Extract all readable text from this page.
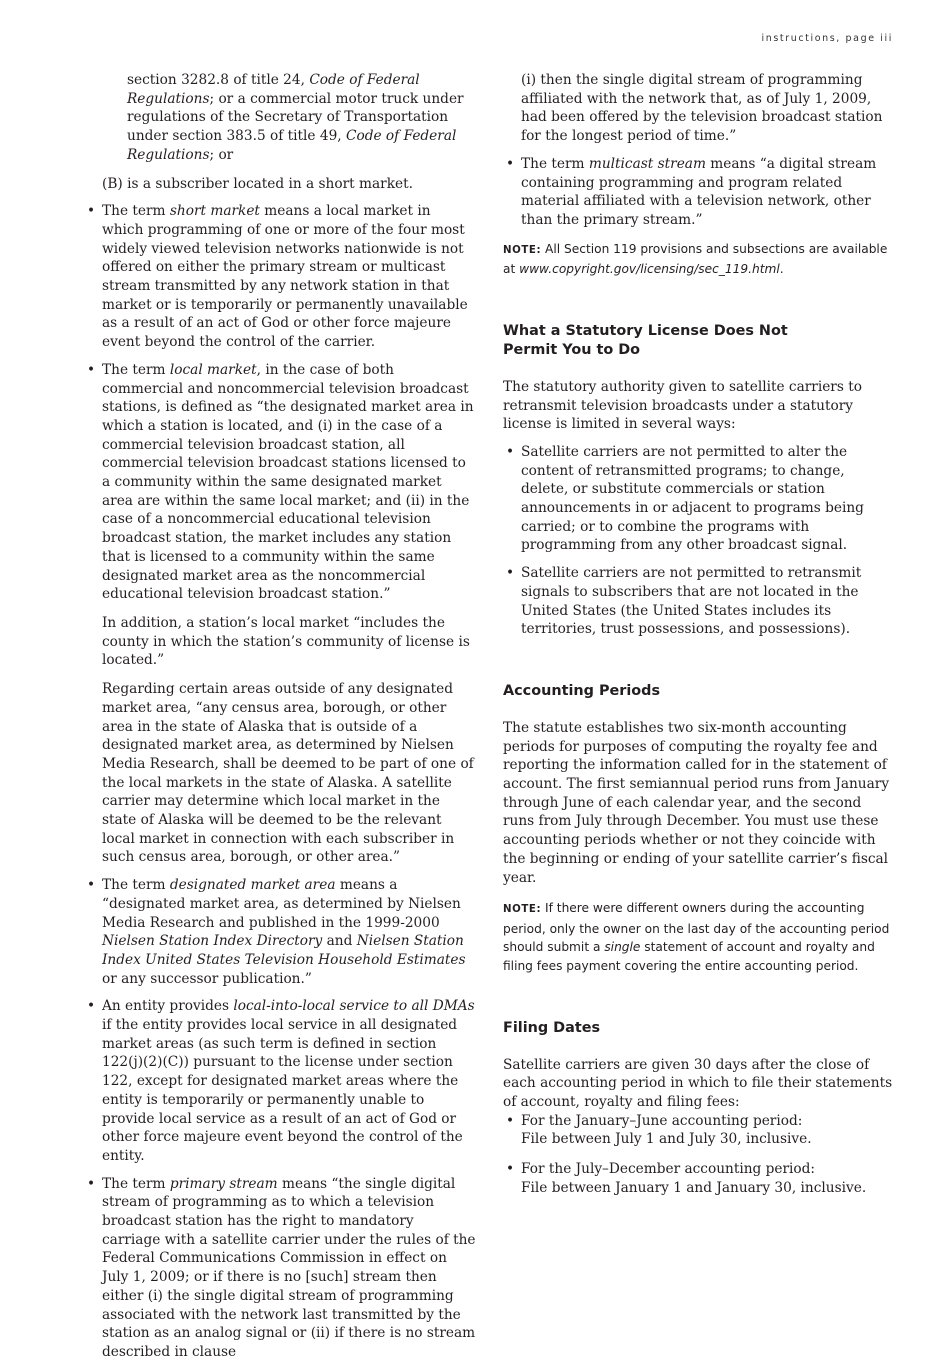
instructions, page iii

section 3282.8 of title 24, Code of Federal Regulations; or a commercial motor truck under regulations of the Secretary of Transportation under section 383.5 of title 49, Code of Federal Regulations; or

(B) is a subscriber located in a short market.

• The term short market means a local market in which programming of one or more of the four most widely viewed television networks nationwide is not offered on either the primary stream or multicast stream transmitted by any network station in that market or is temporarily or permanently unavailable as a result of an act of God or other force majeure event beyond the control of the carrier.
• The term local market, in the case of both commercial and noncommercial television broadcast stations, is defined as “the designated market area in which a station is located, and (i) in the case of a commercial television broadcast station, all commercial television broadcast stations licensed to a community within the same designated market area are within the same local market; and (ii) in the case of a noncommercial educational television broadcast station, the market includes any station that is licensed to a community within the same designated market area as the noncommercial educational television broadcast station.”

In addition, a station’s local market “includes the county in which the station’s community of license is located.”

Regarding certain areas outside of any designated market area, “any census area, borough, or other area in the state of Alaska that is outside of a designated market area, as determined by Nielsen Media Research, shall be deemed to be part of one of the local markets in the state of Alaska. A satellite carrier may determine which local market in the state of Alaska will be deemed to be the relevant local market in connection with each subscriber in such census area, borough, or other area.”

• The term designated market area means a “designated market area, as determined by Nielsen Media Research and published in the 1999-2000 Nielsen Station Index Directory and Nielsen Station Index United States Television Household Estimates or any successor publication.”
• An entity provides local-into-local service to all DMAs if the entity provides local service in all designated market areas (as such term is defined in section 122(j)(2)(C)) pursuant to the license under section 122, except for designated market areas where the entity is temporarily or permanently unable to provide local service as a result of an act of God or other force majeure event beyond the control of the entity.
• The term primary stream means “the single digital stream of programming as to which a television broadcast station has the right to mandatory carriage with a satellite carrier under the rules of the Federal Communications Commission in effect on July 1, 2009; or if there is no [such] stream then either (i) the single digital stream of programming associated with the network last transmitted by the station as an analog signal or (ii) if there is no stream described in clause

(i) then the single digital stream of programming affiliated with the network that, as of July 1, 2009, had been offered by the television broadcast station for the longest period of time.”

• The term multicast stream means “a digital stream containing programming and program related material affiliated with a television network, other than the primary stream.”

NOTE: All Section 119 provisions and subsections are available at www.copyright.gov/licensing/sec_119.html.

What a Statutory License Does Not
Permit You to Do

The statutory authority given to satellite carriers to retransmit television broadcasts under a statutory license is limited in several ways:

• Satellite carriers are not permitted to alter the content of retransmitted programs; to change, delete, or substitute commercials or station announcements in or adjacent to programs being carried; or to combine the programs with programming from any other broadcast signal.
• Satellite carriers are not permitted to retransmit signals to subscribers that are not located in the United States (the United States includes its territories, trust possessions, and possessions).
Accounting Periods

The statute establishes two six-month accounting periods for purposes of computing the royalty fee and reporting the information called for in the statement of account. The first semiannual period runs from January through June of each calendar year, and the second runs from July through December. You must use these accounting periods whether or not they coincide with the beginning or ending of your satellite carrier’s fiscal year.

NOTE: If there were different owners during the accounting period, only the owner on the last day of the accounting period should submit a single statement of account and royalty and filing fees payment covering the entire accounting period.

Filing Dates

Satellite carriers are given 30 days after the close of each accounting period in which to file their statements of account, royalty and filing fees:

• For the January–June accounting period:
File between July 1 and July 30, inclusive.
• For the July–December accounting period:
File between January 1 and January 30, inclusive.
